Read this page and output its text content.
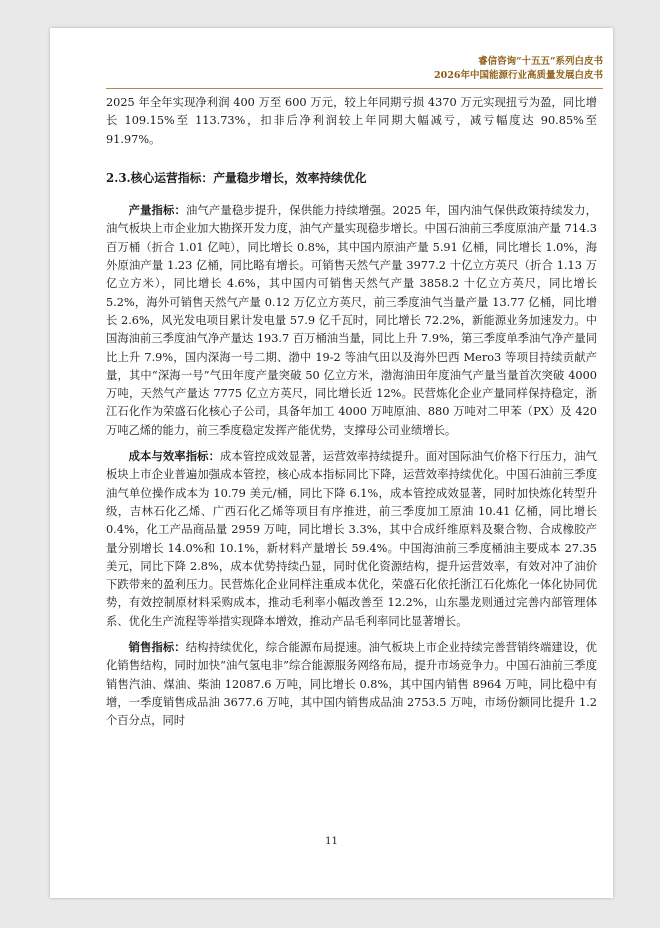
睿信咨询“十五五”系列白皮书
2026年中国能源行业高质量发展白皮书

2025 年全年实现净利润 400 万至 600 万元，较上年同期亏损 4370 万元实现扭亏为盈，同比增长 109.15%至 113.73%，扣非后净利润较上年同期大幅减亏，减亏幅度达 90.85%至 91.97%。

2.3.核心运营指标：产量稳步增长，效率持续优化

产量指标：油气产量稳步提升，保供能力持续增强。2025 年，国内油气保供政策持续发力，油气板块上市企业加大勘探开发力度，油气产量实现稳步增长。中国石油前三季度原油产量 714.3 百万桶（折合 1.01 亿吨），同比增长 0.8%，其中国内原油产量 5.91 亿桶，同比增长 1.0%，海外原油产量 1.23 亿桶，同比略有增长。可销售天然气产量 3977.2 十亿立方英尺（折合 1.13 万亿立方米），同比增长 4.6%，其中国内可销售天然气产量 3858.2 十亿立方英尺，同比增长 5.2%，海外可销售天然气产量 0.12 万亿立方英尺，前三季度油气当量产量 13.77 亿桶，同比增长 2.6%，风光发电项目累计发电量 57.9 亿千瓦时，同比增长 72.2%，新能源业务加速发力。中国海油前三季度油气净产量达 193.7 百万桶油当量，同比上升 7.9%，第三季度单季油气净产量同比上升 7.9%，国内深海一号二期、渤中 19-2 等油气田以及海外巴西 Mero3 等项目持续贡献产量，其中“深海一号”气田年度产量突破 50 亿立方米，渤海油田年度油气产量当量首次突破 4000 万吨，天然气产量达 7775 亿立方英尺，同比增长近 12%。民营炼化企业产量同样保持稳定，浙江石化作为荣盛石化核心子公司，具备年加工 4000 万吨原油、880 万吨对二甲苯（PX）及 420 万吨乙烯的能力，前三季度稳定发挥产能优势，支撑母公司业绩增长。

成本与效率指标：成本管控成效显著，运营效率持续提升。面对国际油气价格下行压力，油气板块上市企业普遍加强成本管控，核心成本指标同比下降，运营效率持续优化。中国石油前三季度油气单位操作成本为 10.79 美元/桶，同比下降 6.1%，成本管控成效显著，同时加快炼化转型升级，吉林石化乙烯、广西石化乙烯等项目有序推进，前三季度加工原油 10.41 亿桶，同比增长 0.4%，化工产品商品量 2959 万吨，同比增长 3.3%，其中合成纤维原料及聚合物、合成橡胶产量分别增长 14.0%和 10.1%，新材料产量增长 59.4%。中国海油前三季度桶油主要成本 27.35 美元，同比下降 2.8%，成本优势持续凸显，同时优化资源结构，提升运营效率，有效对冲了油价下跌带来的盈利压力。民营炼化企业同样注重成本优化，荣盛石化依托浙江石化炼化一体化协同优势，有效控制原材料采购成本，推动毛利率小幅改善至 12.2%，山东墨龙则通过完善内部管理体系、优化生产流程等举措实现降本增效，推动产品毛利率同比显著增长。

销售指标：结构持续优化，综合能源布局提速。油气板块上市企业持续完善营销终端建设，优化销售结构，同时加快“油气氢电非”综合能源服务网络布局，提升市场竞争力。中国石油前三季度销售汽油、煤油、柴油 12087.6 万吨，同比增长 0.8%，其中国内销售 8964 万吨，同比稳中有增，一季度销售成品油 3677.6 万吨，其中国内销售成品油 2753.5 万吨，市场份额同比提升 1.2 个百分点，同时

11
